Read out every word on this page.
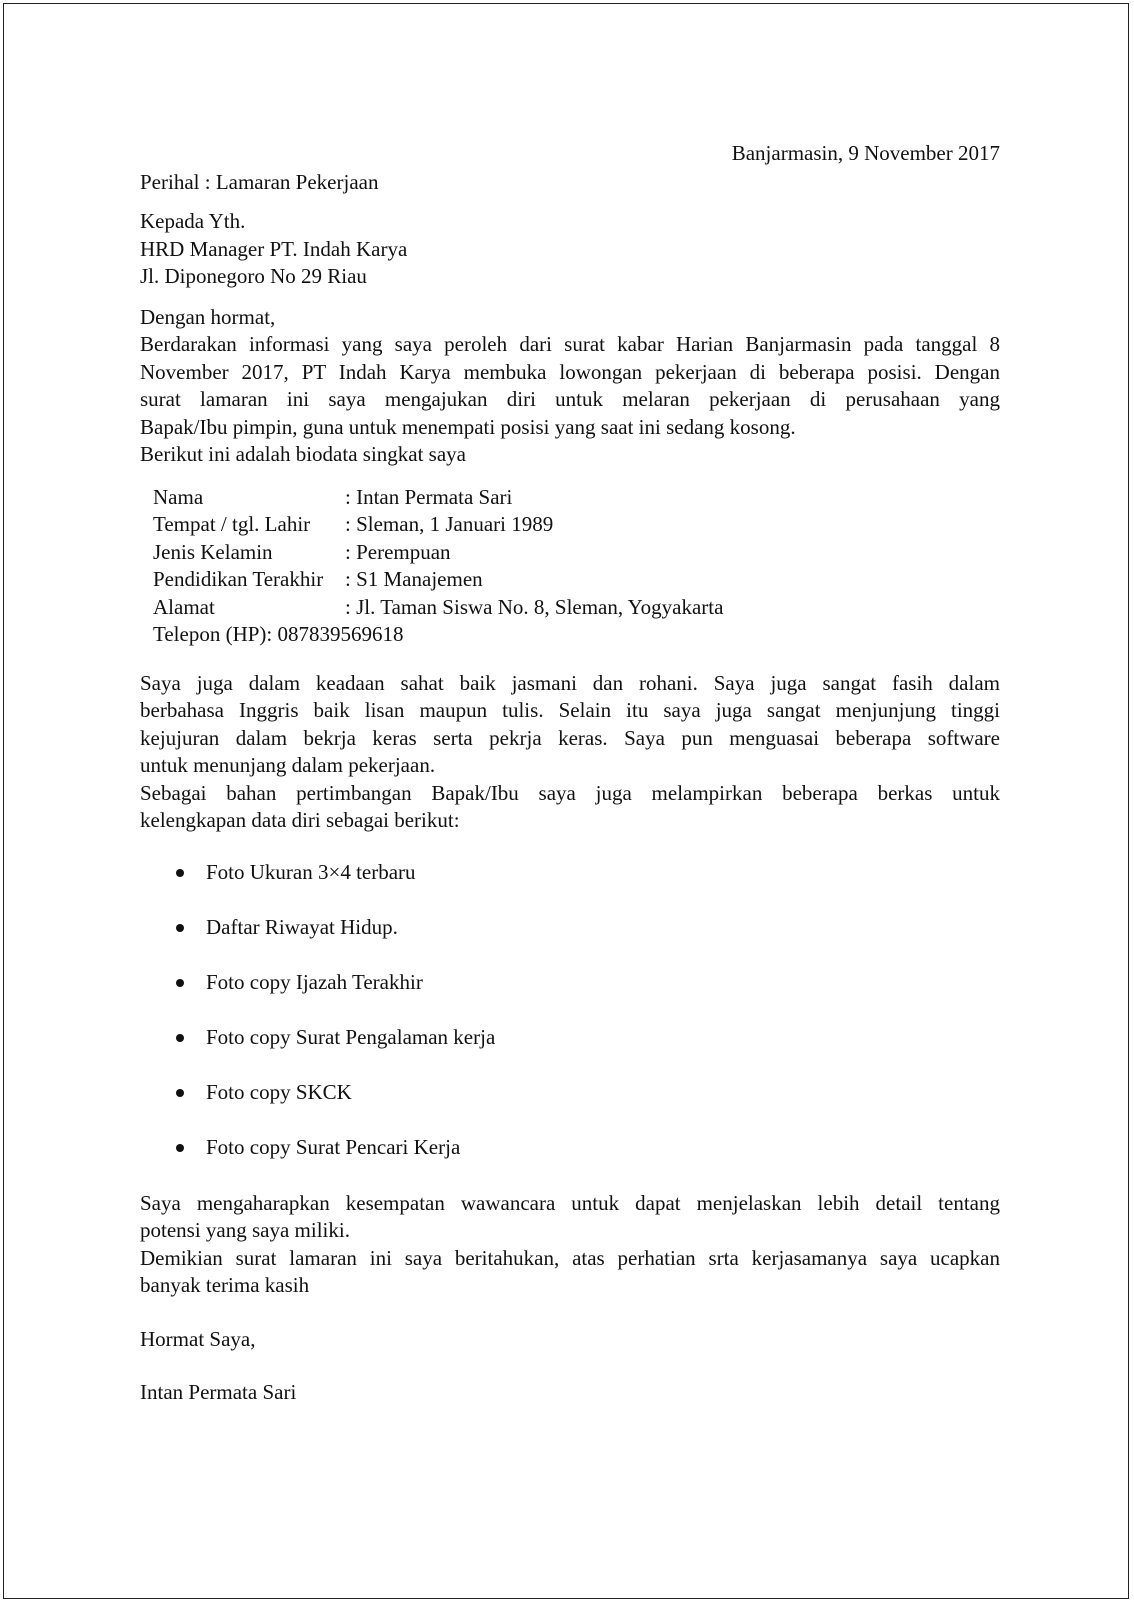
Banjarmasin, 9 November 2017
Perihal : Lamaran Pekerjaan
Kepada Yth.
HRD Manager PT. Indah Karya
Jl. Diponegoro No 29 Riau
Dengan hormat,
Berdarakan informasi yang saya peroleh dari surat kabar Harian Banjarmasin pada tanggal 8
November 2017, PT Indah Karya membuka lowongan pekerjaan di beberapa posisi. Dengan
surat lamaran ini saya mengajukan diri untuk melaran pekerjaan di perusahaan yang
Bapak/Ibu pimpin, guna untuk menempati posisi yang saat ini sedang kosong.
Berikut ini adalah biodata singkat saya
Nama	: Intan Permata Sari
Tempat / tgl. Lahir	: Sleman, 1 Januari 1989
Jenis Kelamin	: Perempuan
Pendidikan Terakhir	: S1 Manajemen
Alamat	: Jl. Taman Siswa No. 8, Sleman, Yogyakarta
Telepon (HP): 087839569618
Saya juga dalam keadaan sahat baik jasmani dan rohani. Saya juga sangat fasih dalam
berbahasa Inggris baik lisan maupun tulis. Selain itu saya juga sangat menjunjung tinggi
kejujuran dalam bekrja keras serta pekrja keras. Saya pun menguasai beberapa software
untuk menunjang dalam pekerjaan.
Sebagai bahan pertimbangan Bapak/Ibu saya juga melampirkan beberapa berkas untuk
kelengkapan data diri sebagai berikut:
Foto Ukuran 3×4 terbaru
Daftar Riwayat Hidup.
Foto copy Ijazah Terakhir
Foto copy Surat Pengalaman kerja
Foto copy SKCK
Foto copy Surat Pencari Kerja
Saya mengaharapkan kesempatan wawancara untuk dapat menjelaskan lebih detail tentang
potensi yang saya miliki.
Demikian surat lamaran ini saya beritahukan, atas perhatian srta kerjasamanya saya ucapkan
banyak terima kasih
Hormat Saya,
Intan Permata Sari
